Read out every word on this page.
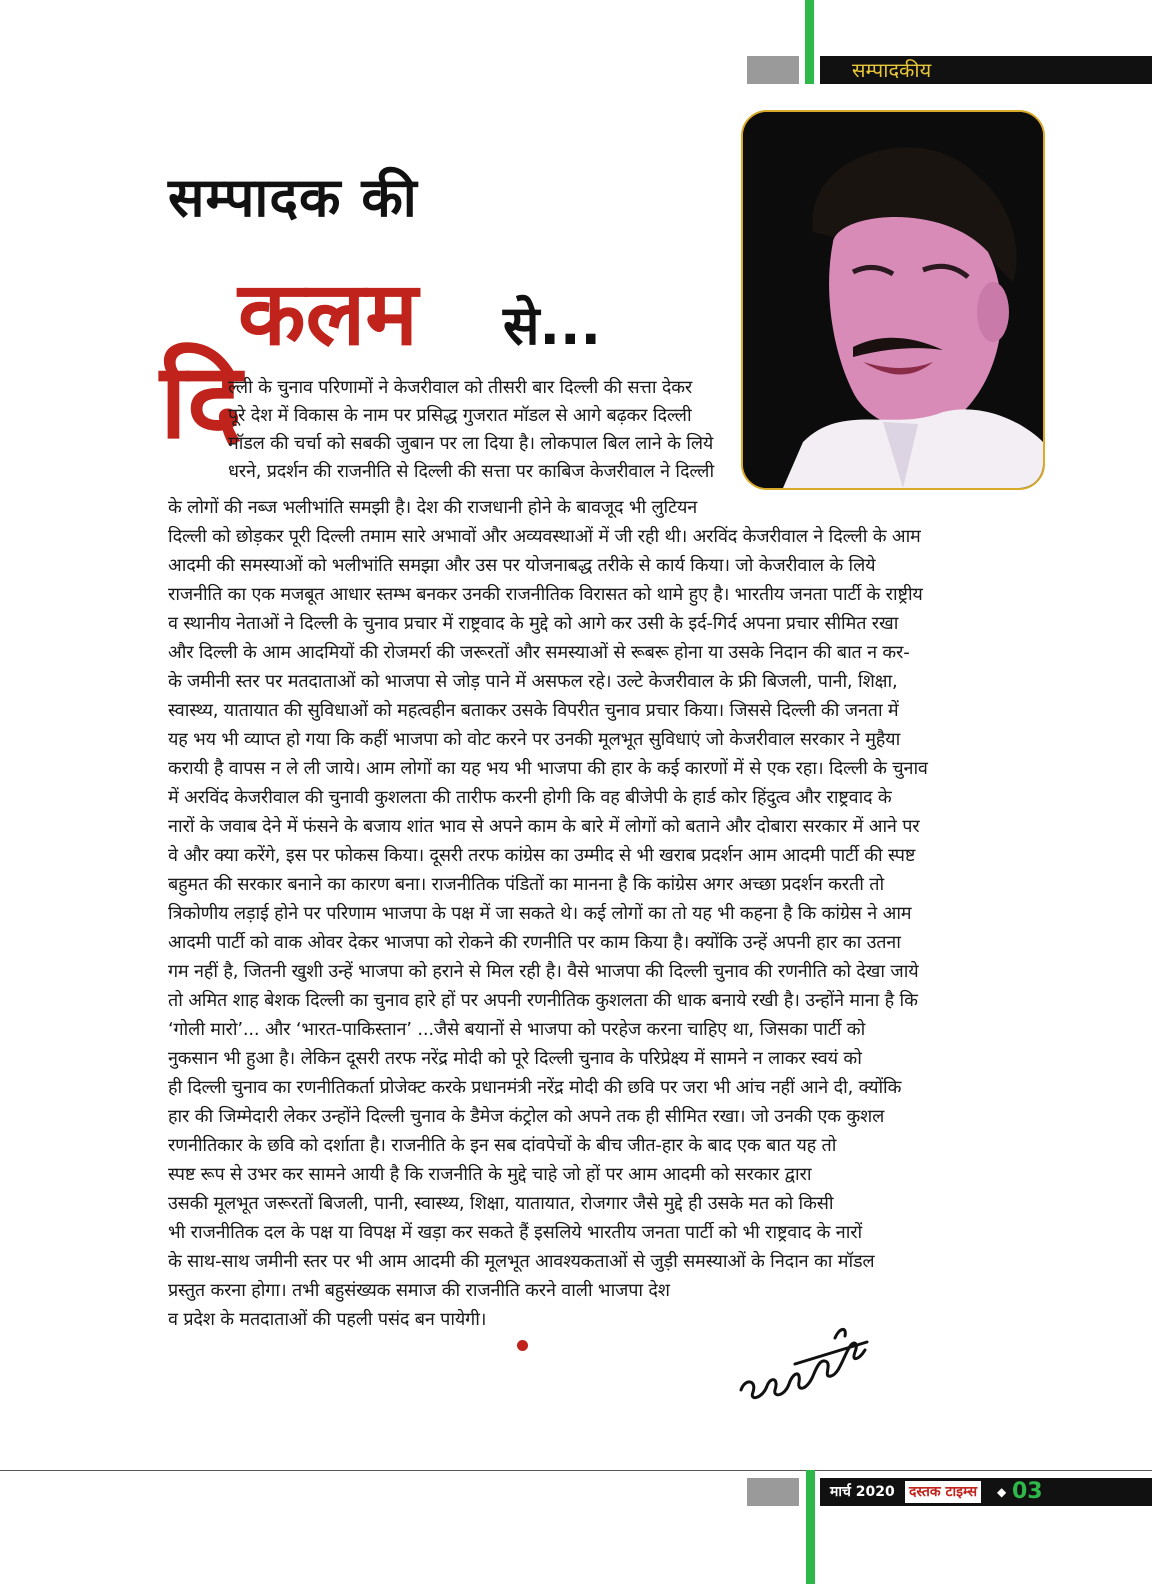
सम्पादकीय
सम्पादक की
कलम से...
दि
ल्ली के चुनाव परिणामों ने केजरीवाल को तीसरी बार दिल्ली की सत्ता देकर
पूरे देश में विकास के नाम पर प्रसिद्ध गुजरात मॉडल से आगे बढ़कर दिल्ली
मॉडल की चर्चा को सबकी जुबान पर ला दिया है। लोकपाल बिल लाने के लिये
धरने, प्रदर्शन की राजनीति से दिल्ली की सत्ता पर काबिज केजरीवाल ने दिल्ली
के लोगों की नब्ज भलीभांति समझी है। देश की राजधानी होने के बावजूद भी लुटियन
दिल्ली को छोड़कर पूरी दिल्ली तमाम सारे अभावों और अव्यवस्थाओं में जी रही थी। अरविंद केजरीवाल ने दिल्ली के आम
आदमी की समस्याओं को भलीभांति समझा और उस पर योजनाबद्ध तरीके से कार्य किया। जो केजरीवाल के लिये
राजनीति का एक मजबूत आधार स्तम्भ बनकर उनकी राजनीतिक विरासत को थामे हुए है। भारतीय जनता पार्टी के राष्ट्रीय
व स्थानीय नेताओं ने दिल्ली के चुनाव प्रचार में राष्ट्रवाद के मुद्दे को आगे कर उसी के इर्द-गिर्द अपना प्रचार सीमित रखा
और दिल्ली के आम आदमियों की रोजमर्रा की जरूरतों और समस्याओं से रूबरू होना या उसके निदान की बात न कर-
के जमीनी स्तर पर मतदाताओं को भाजपा से जोड़ पाने में असफल रहे। उल्टे केजरीवाल के फ्री बिजली, पानी, शिक्षा,
स्वास्थ्य, यातायात की सुविधाओं को महत्वहीन बताकर उसके विपरीत चुनाव प्रचार किया। जिससे दिल्ली की जनता में
यह भय भी व्याप्त हो गया कि कहीं भाजपा को वोट करने पर उनकी मूलभूत सुविधाएं जो केजरीवाल सरकार ने मुहैया
करायी है वापस न ले ली जाये। आम लोगों का यह भय भी भाजपा की हार के कई कारणों में से एक रहा। दिल्ली के चुनाव
में अरविंद केजरीवाल की चुनावी कुशलता की तारीफ करनी होगी कि वह बीजेपी के हार्ड कोर हिंदुत्व और राष्ट्रवाद के
नारों के जवाब देने में फंसने के बजाय शांत भाव से अपने काम के बारे में लोगों को बताने और दोबारा सरकार में आने पर
वे और क्या करेंगे, इस पर फोकस किया। दूसरी तरफ कांग्रेस का उम्मीद से भी खराब प्रदर्शन आम आदमी पार्टी की स्पष्ट
बहुमत की सरकार बनाने का कारण बना। राजनीतिक पंडितों का मानना है कि कांग्रेस अगर अच्छा प्रदर्शन करती तो
त्रिकोणीय लड़ाई होने पर परिणाम भाजपा के पक्ष में जा सकते थे। कई लोगों का तो यह भी कहना है कि कांग्रेस ने आम
आदमी पार्टी को वाक ओवर देकर भाजपा को रोकने की रणनीति पर काम किया है। क्योंकि उन्हें अपनी हार का उतना
गम नहीं है, जितनी खुशी उन्हें भाजपा को हराने से मिल रही है। वैसे भाजपा की दिल्ली चुनाव की रणनीति को देखा जाये
तो अमित शाह बेशक दिल्ली का चुनाव हारे हों पर अपनी रणनीतिक कुशलता की धाक बनाये रखी है। उन्होंने माना है कि
‘गोली मारो’... और ‘भारत-पाकिस्तान’ ...जैसे बयानों से भाजपा को परहेज करना चाहिए था, जिसका पार्टी को
नुकसान भी हुआ है। लेकिन दूसरी तरफ नरेंद्र मोदी को पूरे दिल्ली चुनाव के परिप्रेक्ष्य में सामने न लाकर स्वयं को
ही दिल्ली चुनाव का रणनीतिकर्ता प्रोजेक्ट करके प्रधानमंत्री नरेंद्र मोदी की छवि पर जरा भी आंच नहीं आने दी, क्योंकि
हार की जिम्मेदारी लेकर उन्होंने दिल्ली चुनाव के डैमेज कंट्रोल को अपने तक ही सीमित रखा। जो उनकी एक कुशल
रणनीतिकार के छवि को दर्शाता है। राजनीति के इन सब दांवपेचों के बीच जीत-हार के बाद एक बात यह तो
स्पष्ट रूप से उभर कर सामने आयी है कि राजनीति के मुद्दे चाहे जो हों पर आम आदमी को सरकार द्वारा
उसकी मूलभूत जरूरतों बिजली, पानी, स्वास्थ्य, शिक्षा, यातायात, रोजगार जैसे मुद्दे ही उसके मत को किसी
भी राजनीतिक दल के पक्ष या विपक्ष में खड़ा कर सकते हैं इसलिये भारतीय जनता पार्टी को भी राष्ट्रवाद के नारों
के साथ-साथ जमीनी स्तर पर भी आम आदमी की मूलभूत आवश्यकताओं से जुड़ी समस्याओं के निदान का मॉडल
प्रस्तुत करना होगा। तभी बहुसंख्यक समाज की राजनीति करने वाली भाजपा देश
व प्रदेश के मतदाताओं की पहली पसंद बन पायेगी।
मार्च 2020 दस्तक टाइम्स	◆ 03
